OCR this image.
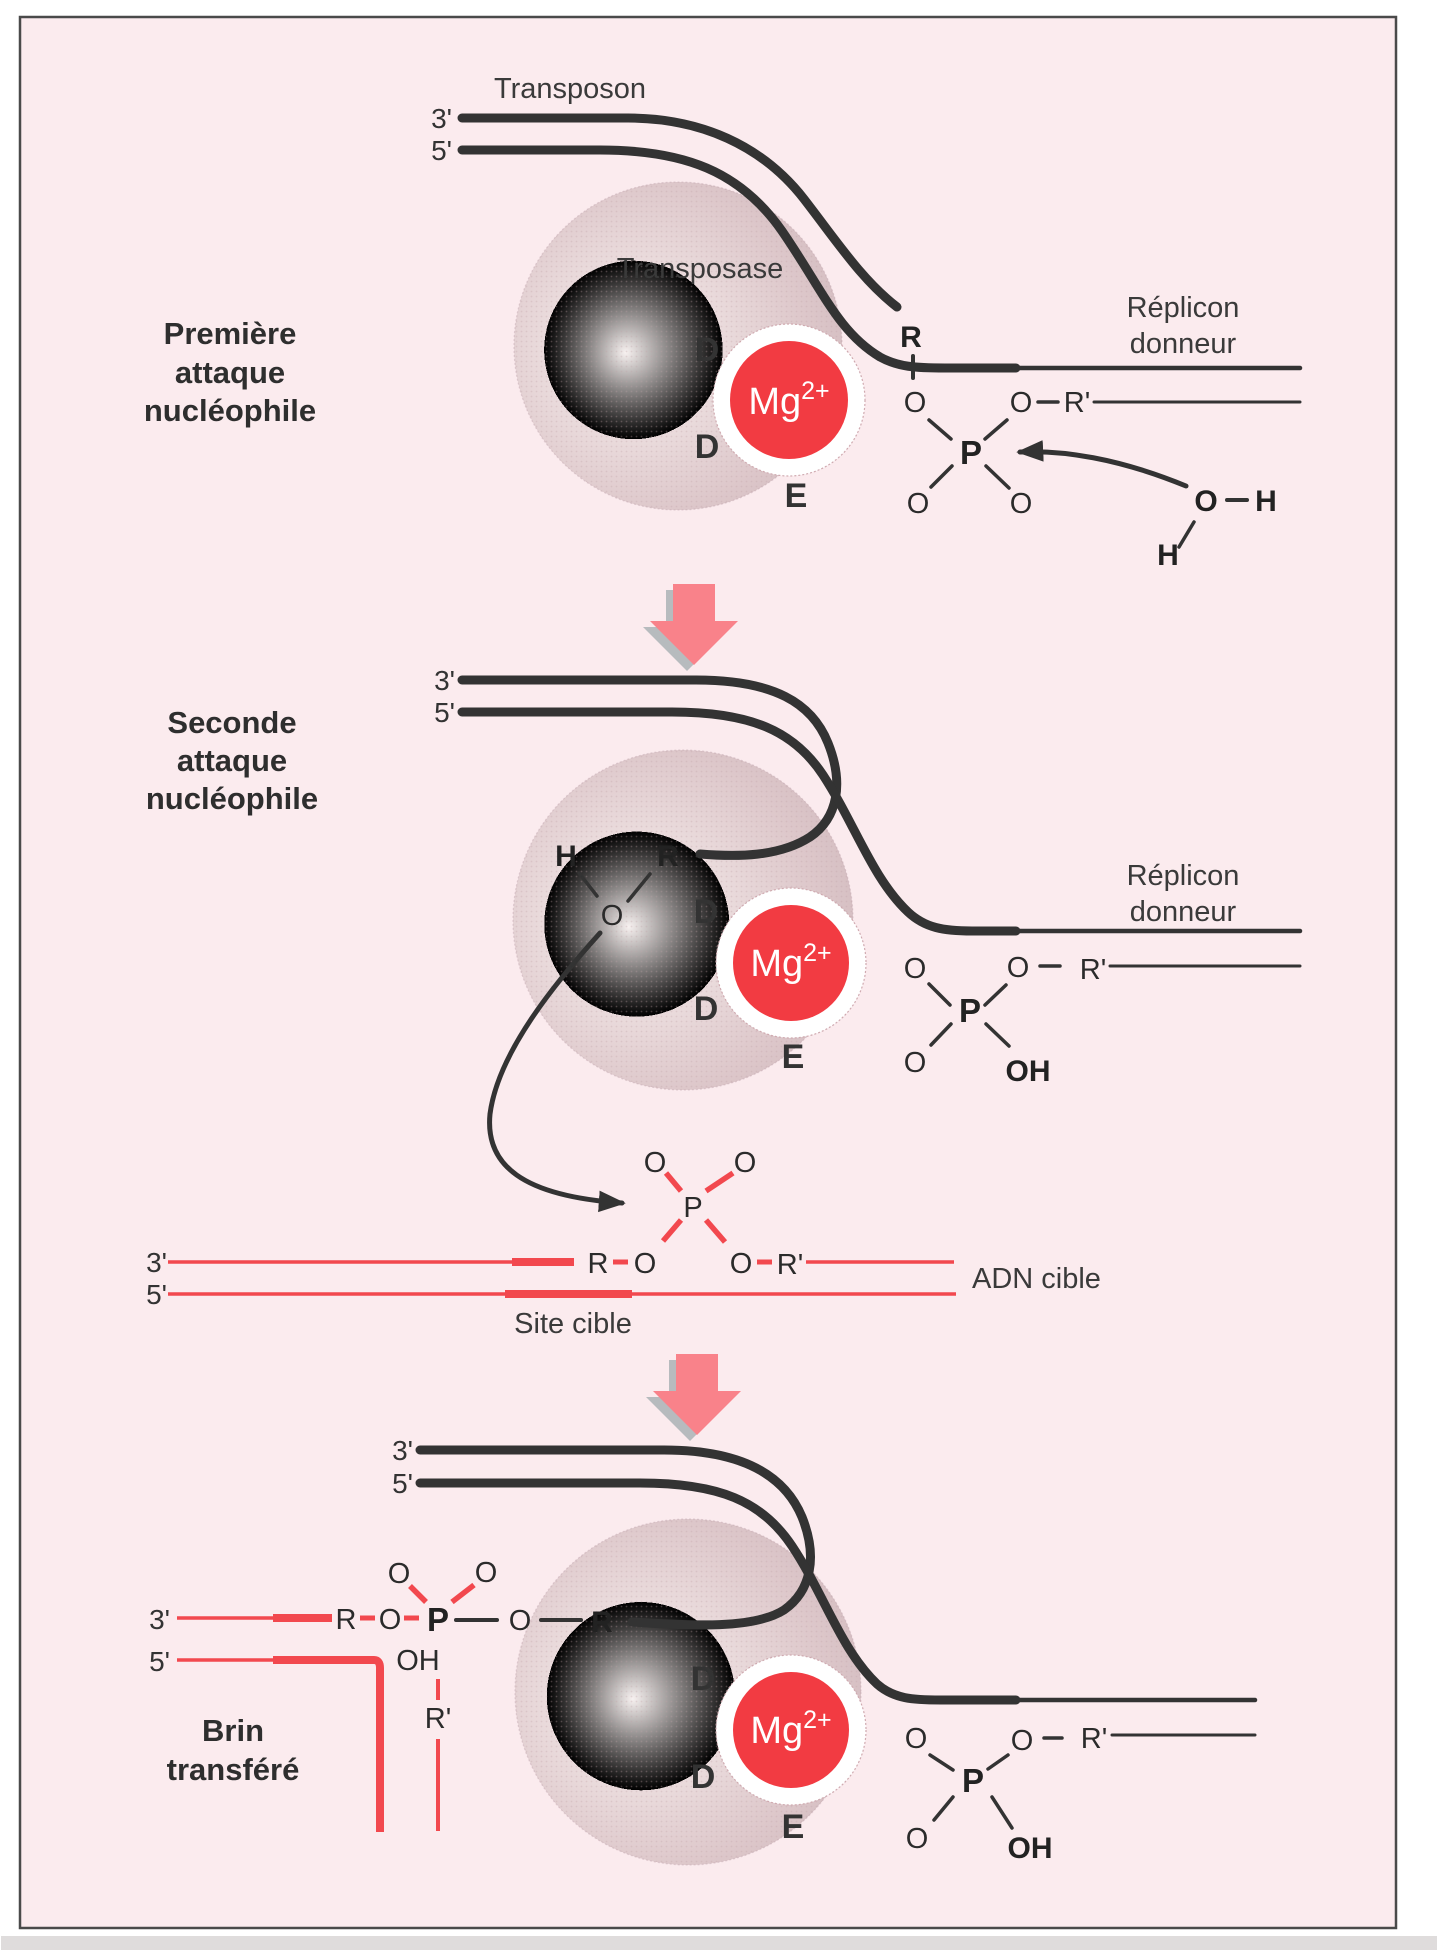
$Mg^{2+}$
D
D
E
Transposase
Transposon
3'
5'
Réplicon
donneur
R
O
P
O R'
O	O	O H
H
Première
attaque
nucléophile
$Mg^{2+}$
D
D
E
3'
5'
Réplicon
donneur
H
O
R
O	O R'
P
O	OH
O O
P
3'
5'
R O	O R'	ADN cible
Site cible
Seconde
attaque
nucléophile
$Mg^{2+}$
D
D
E
3'
5'
3'
5'
R O P O R
O O
OH
R'
O	O R'
P
O	OH
Brin
transféré
